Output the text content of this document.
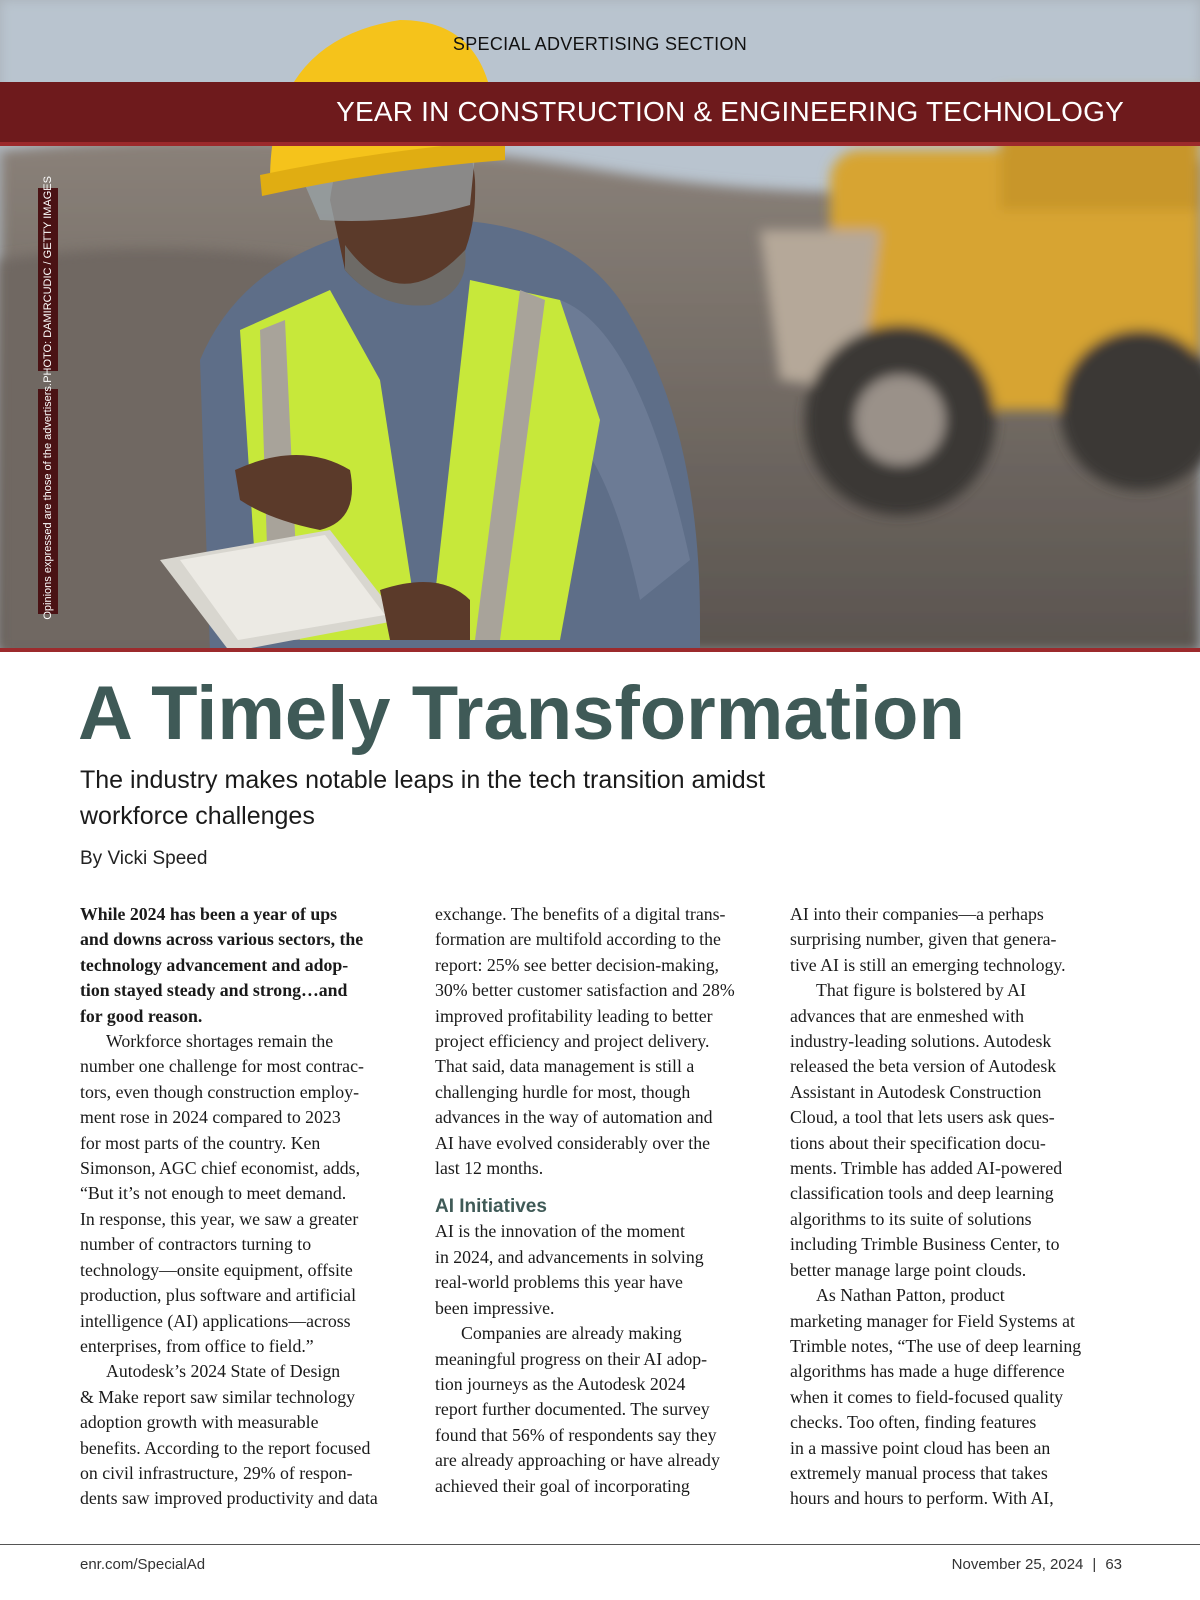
SPECIAL ADVERTISING SECTION
YEAR IN CONSTRUCTION & ENGINEERING TECHNOLOGY
PHOTO: DAMIRCUDIC / GETTY IMAGES
Opinions expressed are those of the advertisers.
A Timely Transformation
The industry makes notable leaps in the tech transition amidst
workforce challenges
By Vicki Speed
While 2024 has been a year of ups
and downs across various sectors, the
technology advancement and adop-
tion stayed steady and strong…and
for good reason.
Workforce shortages remain the
number one challenge for most contrac-
tors, even though construction employ-
ment rose in 2024 compared to 2023
for most parts of the country. Ken
Simonson, AGC chief economist, adds,
“But it’s not enough to meet demand.
In response, this year, we saw a greater
number of contractors turning to
technology—onsite equipment, offsite
production, plus software and artificial
intelligence (AI) applications—across
enterprises, from office to field.”
Autodesk’s 2024 State of Design
& Make report saw similar technology
adoption growth with measurable
benefits. According to the report focused
on civil infrastructure, 29% of respon-
dents saw improved productivity and data
exchange. The benefits of a digital trans-
formation are multifold according to the
report: 25% see better decision-making,
30% better customer satisfaction and 28%
improved profitability leading to better
project efficiency and project delivery.
That said, data management is still a
challenging hurdle for most, though
advances in the way of automation and
AI have evolved considerably over the
last 12 months.
AI Initiatives
AI is the innovation of the moment
in 2024, and advancements in solving
real-world problems this year have
been impressive.
Companies are already making
meaningful progress on their AI adop-
tion journeys as the Autodesk 2024
report further documented. The survey
found that 56% of respondents say they
are already approaching or have already
achieved their goal of incorporating
AI into their companies—a perhaps
surprising number, given that genera-
tive AI is still an emerging technology.
That figure is bolstered by AI
advances that are enmeshed with
industry-leading solutions. Autodesk
released the beta version of Autodesk
Assistant in Autodesk Construction
Cloud, a tool that lets users ask ques-
tions about their specification docu-
ments. Trimble has added AI-powered
classification tools and deep learning
algorithms to its suite of solutions
including Trimble Business Center, to
better manage large point clouds.
As Nathan Patton, product
marketing manager for Field Systems at
Trimble notes, “The use of deep learning
algorithms has made a huge difference
when it comes to field-focused quality
checks. Too often, finding features
in a massive point cloud has been an
extremely manual process that takes
hours and hours to perform. With AI,
enr.com/SpecialAd	November 25, 2024 | 63
